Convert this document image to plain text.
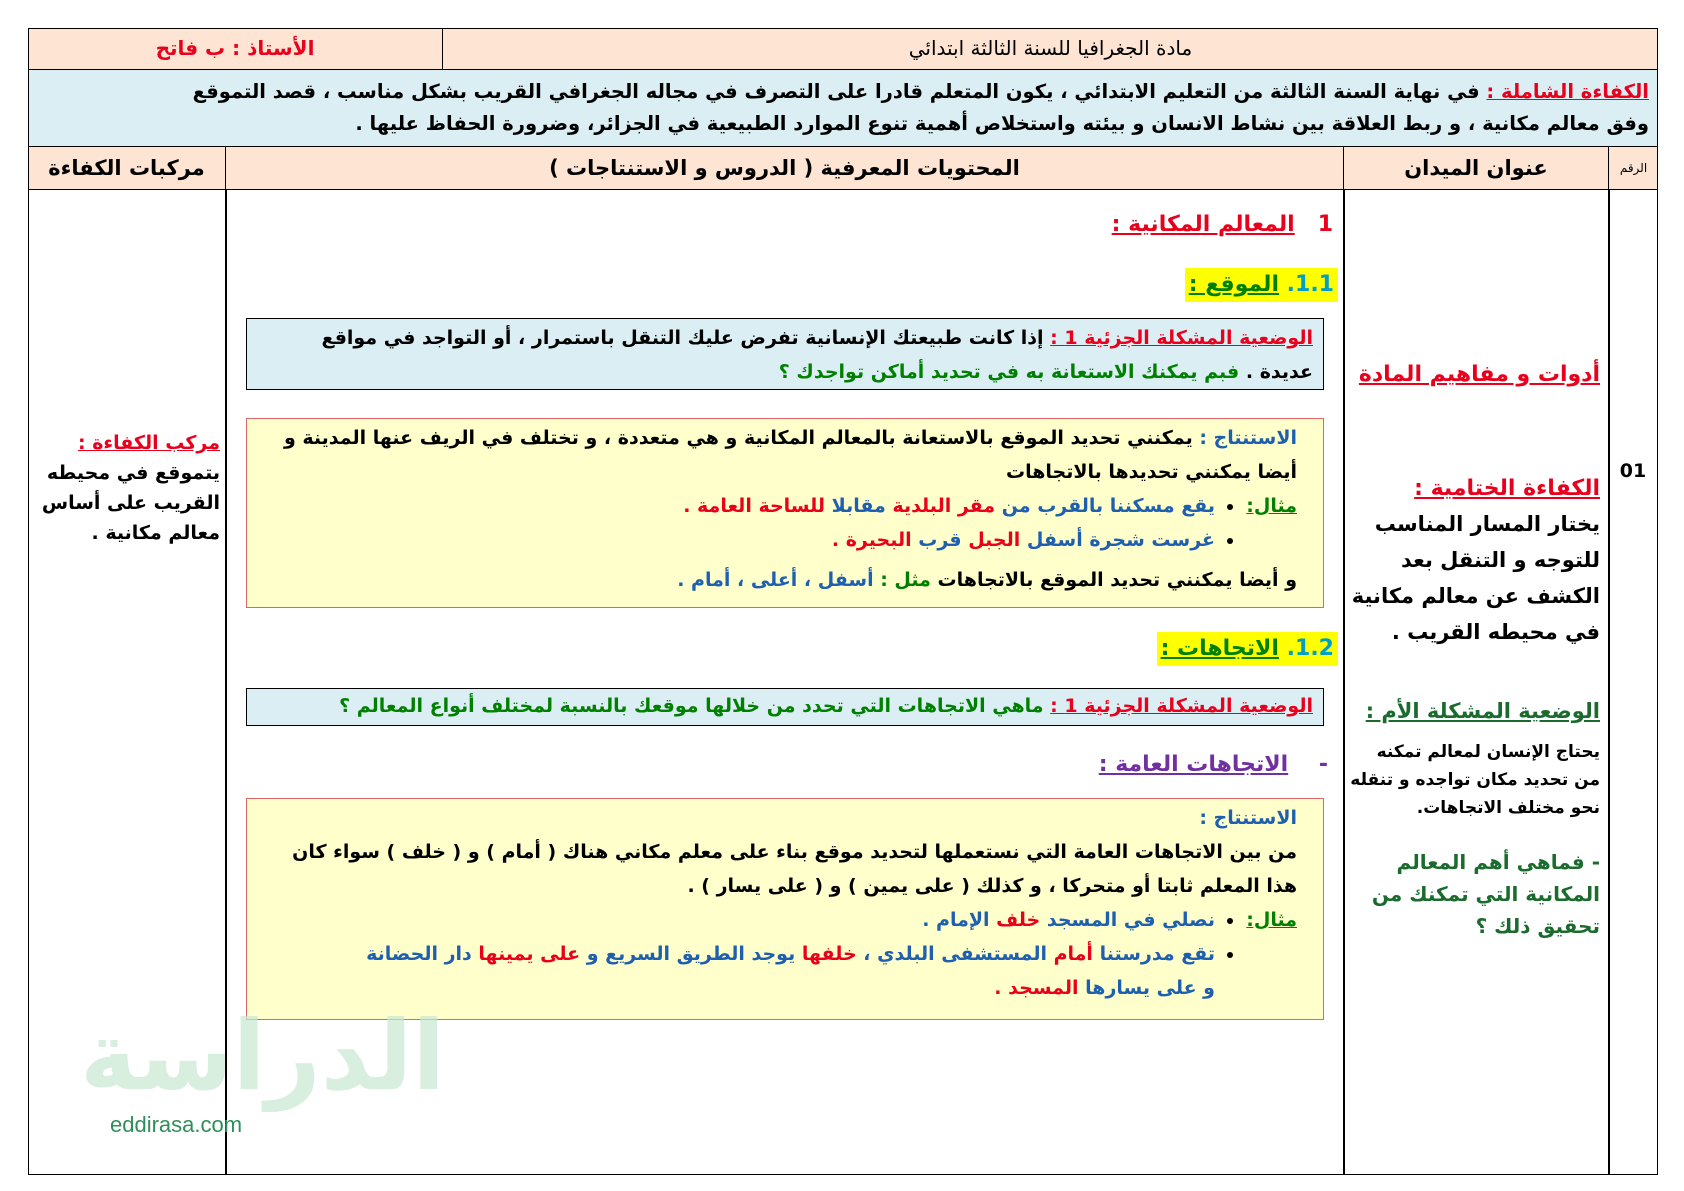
الأستاذ : ب فاتح	مادة الجغرافيا للسنة الثالثة ابتدائي
الكفاءة الشاملة : في نهاية السنة الثالثة من التعليم الابتدائي ، يكون المتعلم قادرا على التصرف في مجاله الجغرافي القريب بشكل مناسب ، قصد التموقع
وفق معالم مكانية ، و ربط العلاقة بين نشاط الانسان و بيئته واستخلاص أهمية تنوع الموارد الطبيعية في الجزائر، وضرورة الحفاظ عليها .
الرقم
عنوان الميدان
المحتويات المعرفية ( الدروس و الاستنتاجات )
مركبات الكفاءة
01
أدوات و مفاهيم المادة
الكفاءة الختامية :
يختار المسار المناسب للتوجه و التنقل بعد الكشف عن معالم مكانية في محيطه القريب .
الوضعية المشكلة الأم :
يحتاج الإنسان لمعالم تمكنه من تحديد مكان تواجده و تنقله نحو مختلف الاتجاهات.
- فماهي أهم المعالم المكانية التي تمكنك من تحقيق ذلك ؟
مركب الكفاءة :
يتموقع في محيطه القريب على أساس معالم مكانية .
1   المعالم المكانية :
1.1. الموقع :
الوضعية المشكلة الجزئية 1 : إذا كانت طبيعتك الإنسانية تفرض عليك التنقل باستمرار ، أو التواجد في مواقع
عديدة . فبم يمكنك الاستعانة به في تحديد أماكن تواجدك ؟
الاستنتاج : يمكنني تحديد الموقع بالاستعانة بالمعالم المكانية و هي متعددة ، و تختلف في الريف عنها المدينة و
أيضا يمكنني تحديدها بالاتجاهات
مثال:
• يقع مسكننا بالقرب من مقر البلدية مقابلا للساحة العامة .
• غرست شجرة أسفل الجبل قرب البحيرة .
و أيضا يمكنني تحديد الموقع بالاتجاهات مثل : أسفل ، أعلى ، أمام .
1.2. الاتجاهات :
الوضعية المشكلة الجزئية 1 : ماهي الاتجاهات التي تحدد من خلالها موقعك بالنسبة لمختلف أنواع المعالم ؟
-    الاتجاهات العامة :
الاستنتاج :
من بين الاتجاهات العامة التي نستعملها لتحديد موقع بناء على معلم مكاني هناك ( أمام ) و ( خلف ) سواء كان
هذا المعلم ثابتا أو متحركا ، و كذلك ( على يمين ) و ( على يسار ) .
مثال:
• نصلي في المسجد خلف الإمام .
• تقع مدرستنا أمام المستشفى البلدي ، خلفها يوجد الطريق السريع و على يمينها دار الحضانة
و على يسارها المسجد .
الدراسة
eddirasa.com
